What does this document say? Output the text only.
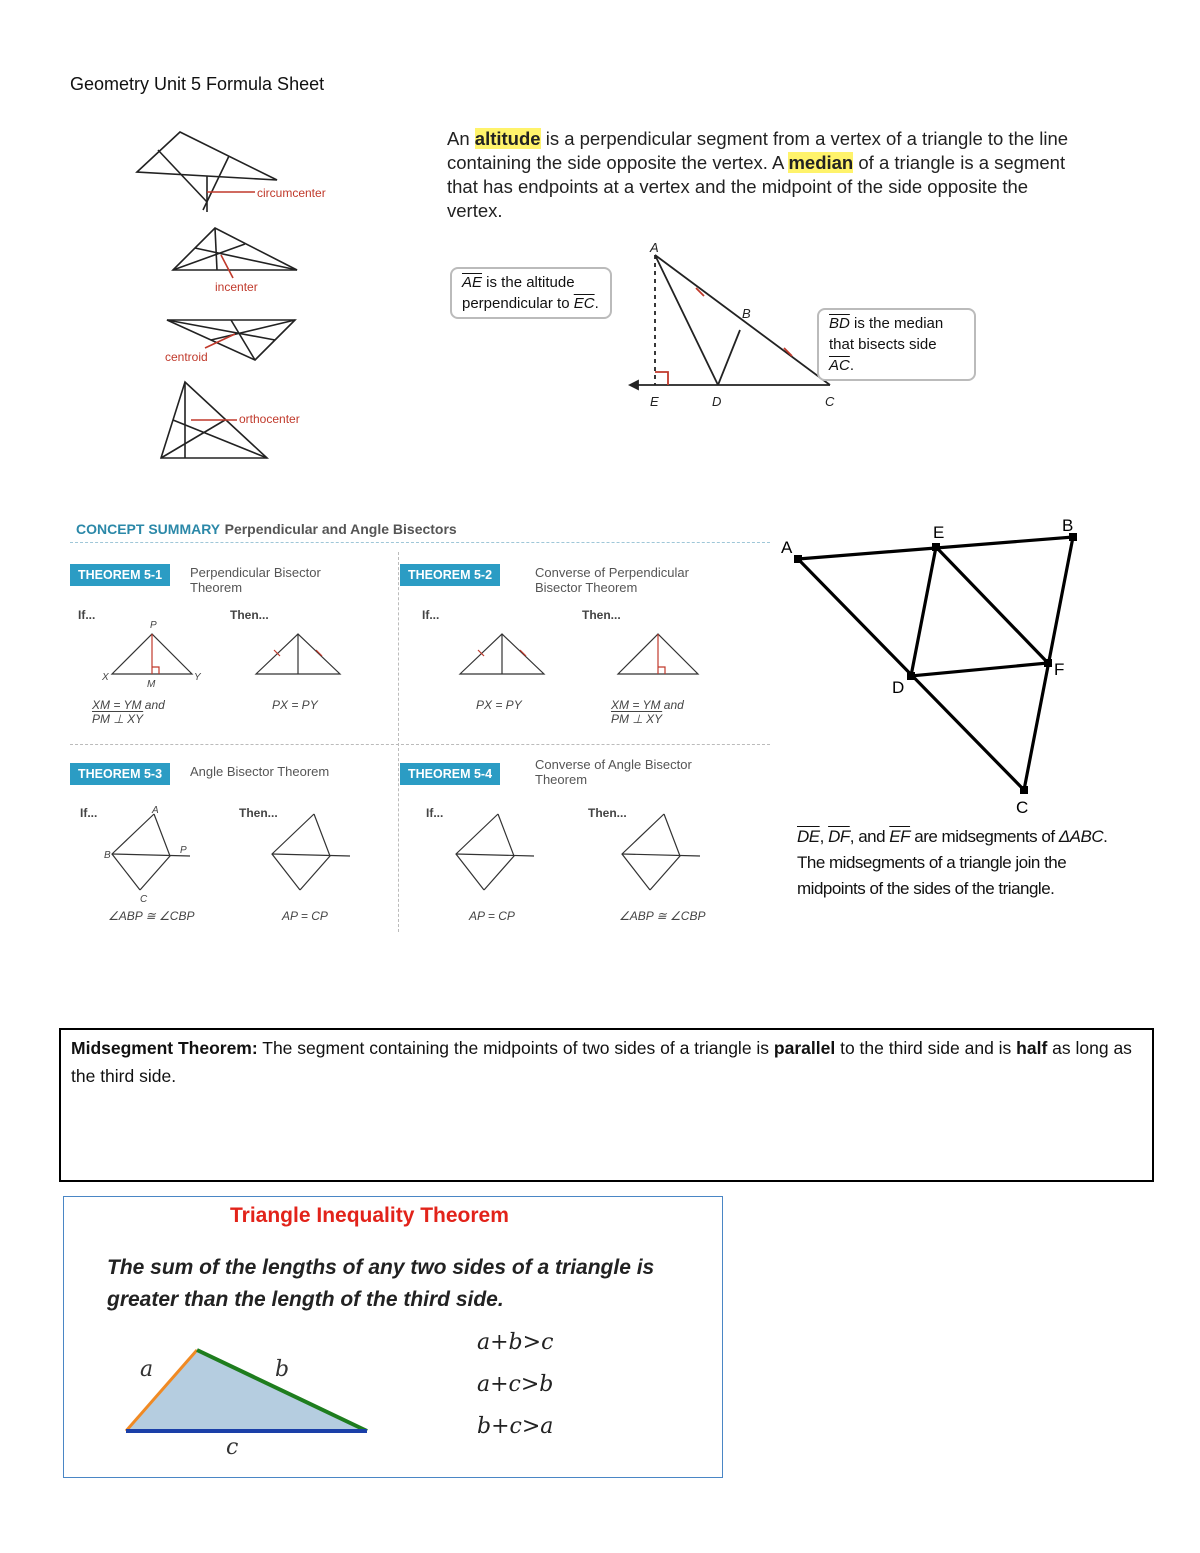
Geometry Unit 5 Formula Sheet
circumcenter
incenter
centroid
orthocenter
An altitude is a perpendicular segment from a vertex of a triangle to the line containing the side opposite the vertex. A median of a triangle is a segment that has endpoints at a vertex and the midpoint of the side opposite the vertex.
A
B
C
D
E
$\overline{AE}$ is the altitude
perpendicular to $\overline{EC}$.
$\overline{BD}$ is the median
that bisects side $\overline{AC}$.
CONCEPT SUMMARY Perpendicular and Angle Bisectors
THEOREM 5-1	Perpendicular Bisector Theorem
If...	Then...
XM = YM and
PM ⊥ XY
PX = PY
THEOREM 5-2	Converse of Perpendicular Bisector Theorem
If...	Then...
PX = PY	XM = YM and
PM ⊥ XY
THEOREM 5-3	Angle Bisector Theorem
If...	Then...
∠ABP ≅ ∠CBP	AP = CP
THEOREM 5-4
Converse of Angle Bisector Theorem
If...	Then...
AP = CP	∠ABP ≅ ∠CBP
P
X	Y
M
A
B	P
C
A
B
C
D
E
F
$\overline{DE}$, $\overline{DF}$, and $\overline{EF}$ are midsegments of ΔABC. The midsegments of a triangle join the midpoints of the sides of the triangle.
Midsegment Theorem: The segment containing the midpoints of two sides of a triangle is parallel to the third side and is half as long as the third side.
Triangle Inequality Theorem
The sum of the lengths of any two sides of a triangle is greater than the length of the third side.
a+b>c
a+c>b
b+c>a
a	b
c
